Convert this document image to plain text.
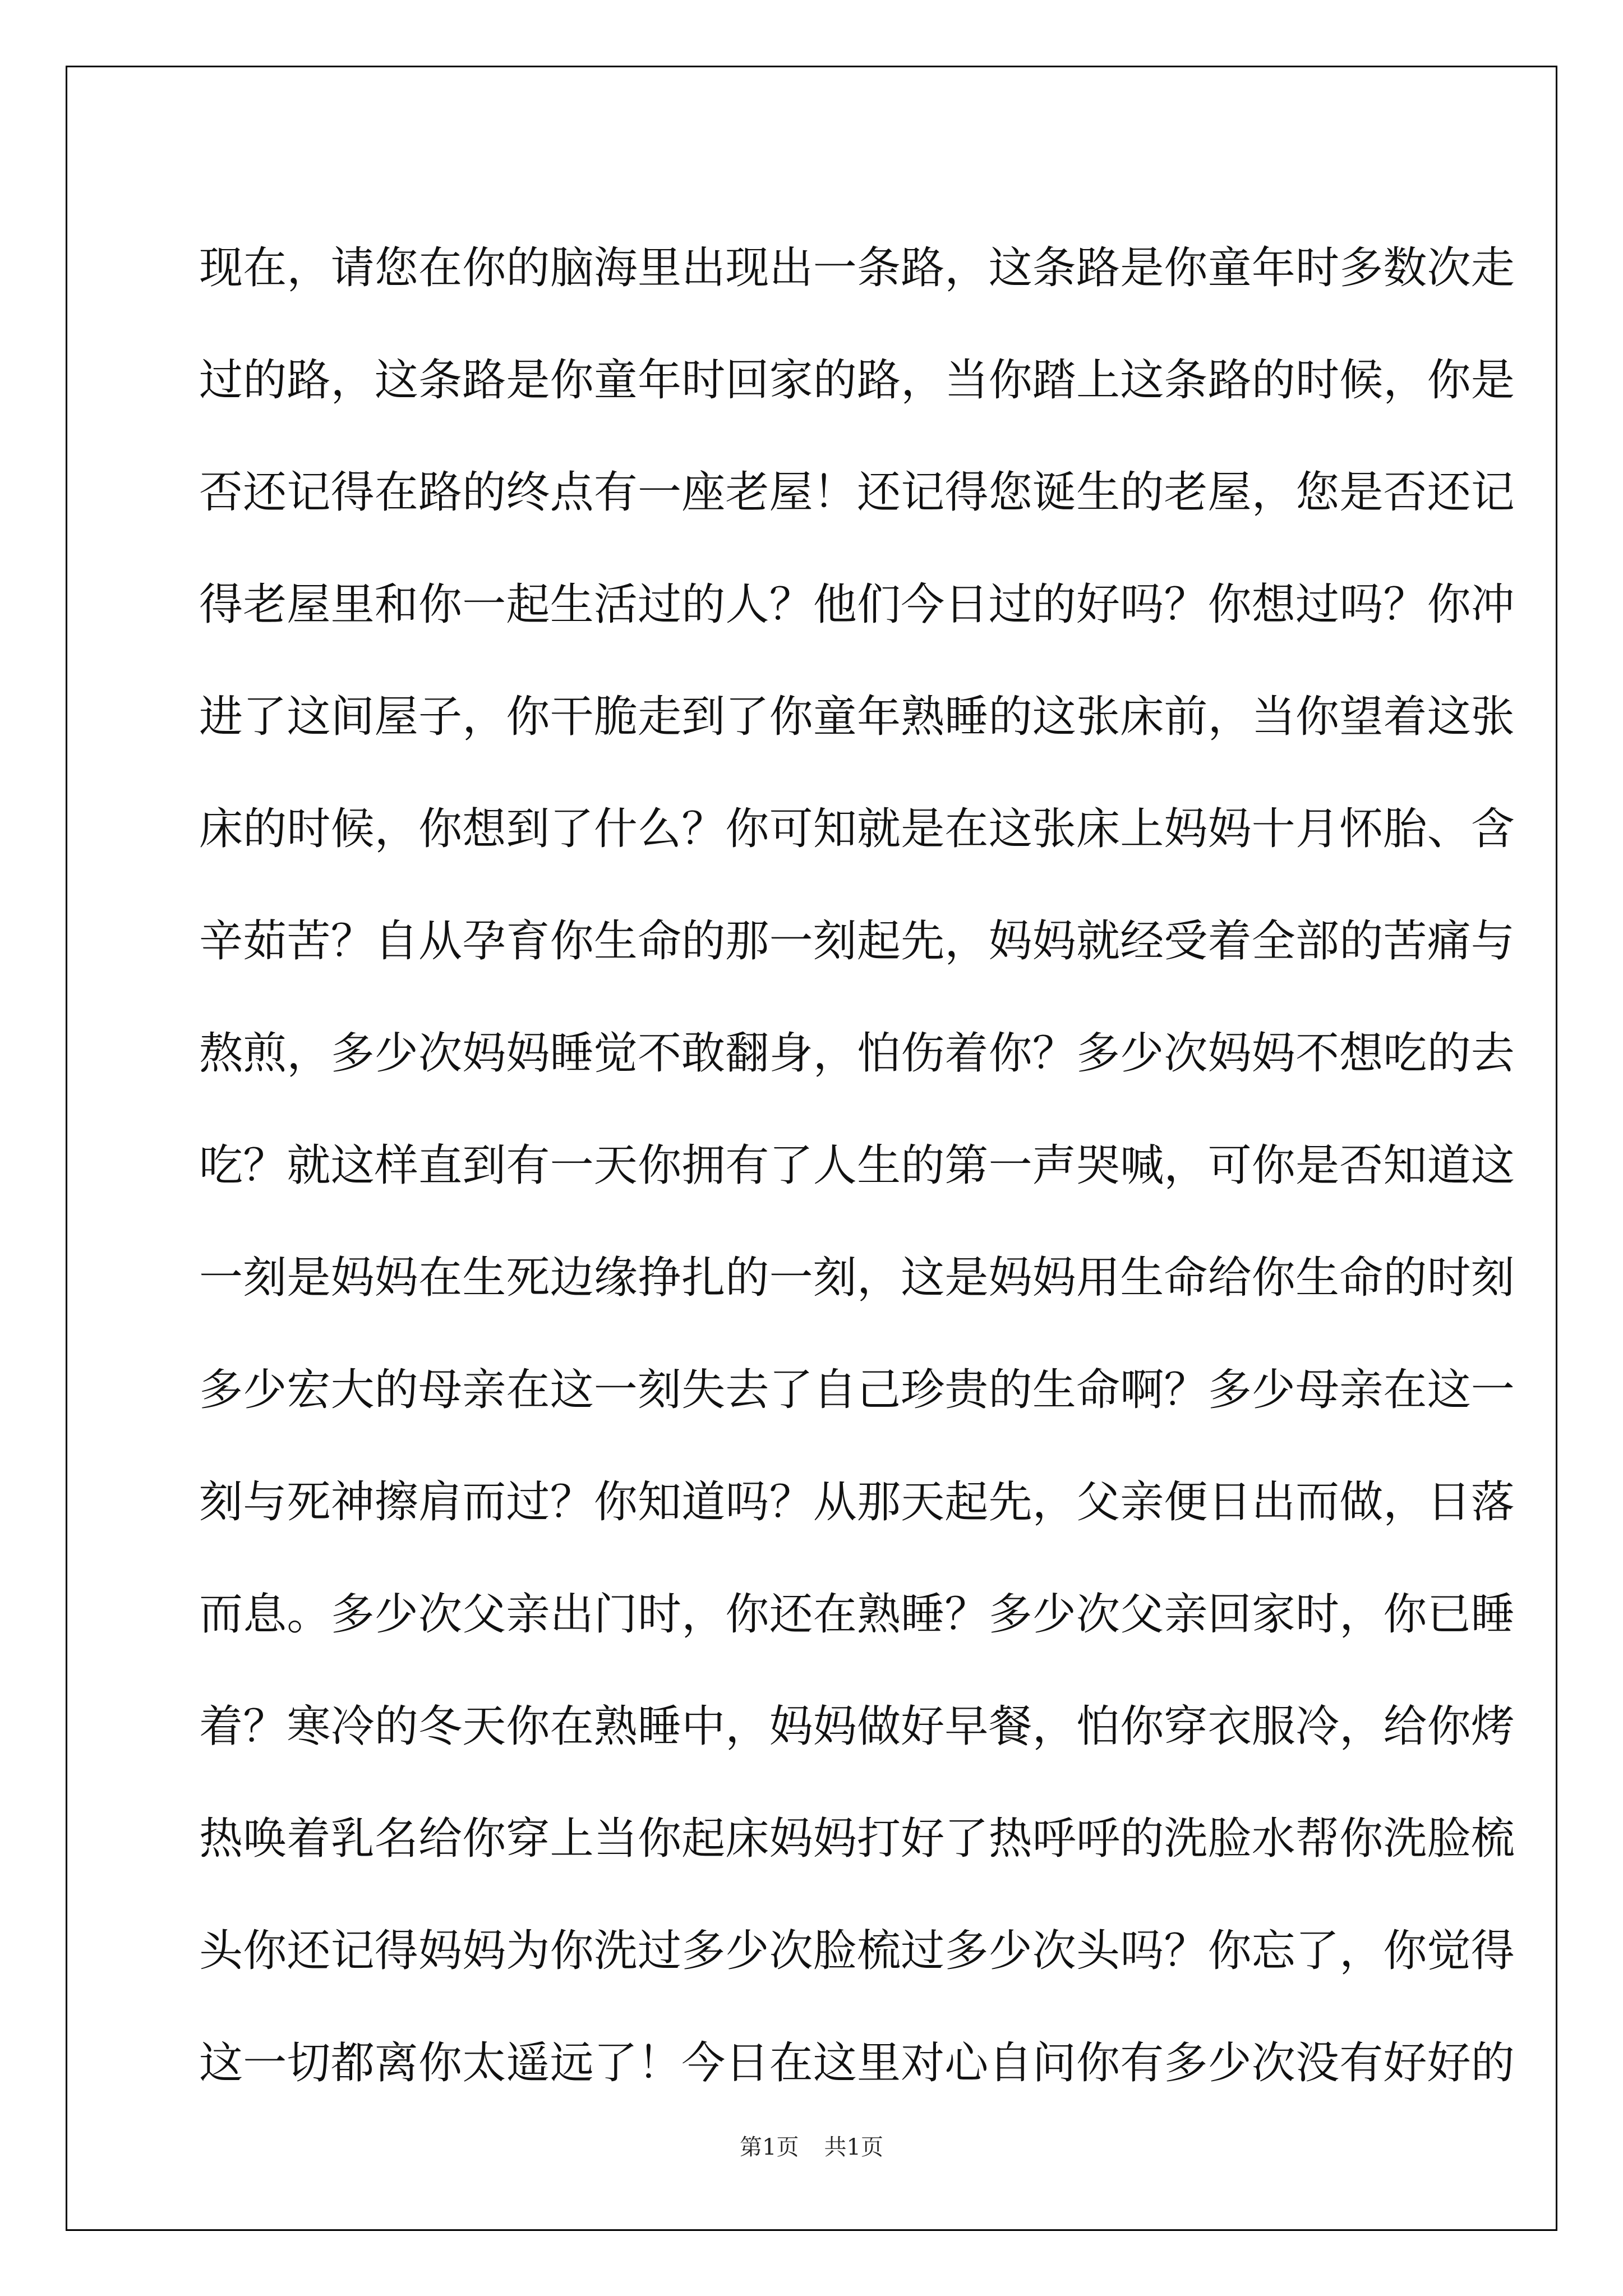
现在，请您在你的脑海里出现出一条路，这条路是你童年时多数次走
过的路，这条路是你童年时回家的路，当你踏上这条路的时候，你是
否还记得在路的终点有一座老屋！还记得您诞生的老屋，您是否还记
得老屋里和你一起生活过的人？他们今日过的好吗？你想过吗？你冲
进了这间屋子，你干脆走到了你童年熟睡的这张床前，当你望着这张
床的时候，你想到了什么？你可知就是在这张床上妈妈十月怀胎、含
辛茹苦？自从孕育你生命的那一刻起先，妈妈就经受着全部的苦痛与
熬煎，多少次妈妈睡觉不敢翻身，怕伤着你？多少次妈妈不想吃的去
吃？就这样直到有一天你拥有了人生的第一声哭喊，可你是否知道这
一刻是妈妈在生死边缘挣扎的一刻，这是妈妈用生命给你生命的时刻
多少宏大的母亲在这一刻失去了自己珍贵的生命啊？多少母亲在这一
刻与死神擦肩而过？你知道吗？从那天起先，父亲便日出而做，日落
而息。多少次父亲出门时，你还在熟睡？多少次父亲回家时，你已睡
着？寒冷的冬天你在熟睡中，妈妈做好早餐，怕你穿衣服冷，给你烤
热唤着乳名给你穿上当你起床妈妈打好了热呼呼的洗脸水帮你洗脸梳
头你还记得妈妈为你洗过多少次脸梳过多少次头吗？你忘了，你觉得
这一切都离你太遥远了！今日在这里对心自问你有多少次没有好好的
第1页 共1页
